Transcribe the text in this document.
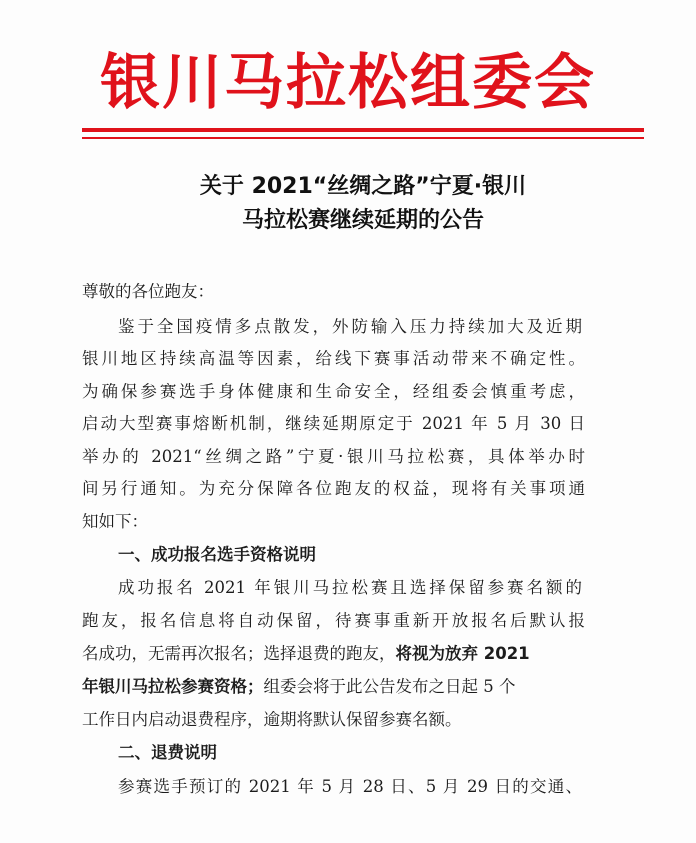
银川马拉松组委会
关于 2021“丝绸之路”宁夏·银川
马拉松赛继续延期的公告
尊敬的各位跑友：
鉴于全国疫情多点散发，外防输入压力持续加大及近期
银川地区持续高温等因素，给线下赛事活动带来不确定性。
为确保参赛选手身体健康和生命安全，经组委会慎重考虑，
启动大型赛事熔断机制，继续延期原定于 2021 年 5 月 30 日
举办的 2021“丝绸之路”宁夏·银川马拉松赛，具体举办时
间另行通知。为充分保障各位跑友的权益，现将有关事项通
知如下：
一、成功报名选手资格说明
成功报名 2021 年银川马拉松赛且选择保留参赛名额的
跑友，报名信息将自动保留，待赛事重新开放报名后默认报
名成功，无需再次报名；选择退费的跑友，将视为放弃 2021
年银川马拉松参赛资格；组委会将于此公告发布之日起 5 个
工作日内启动退费程序，逾期将默认保留参赛名额。
二、退费说明
参赛选手预订的 2021 年 5 月 28 日、5 月 29 日的交通、
